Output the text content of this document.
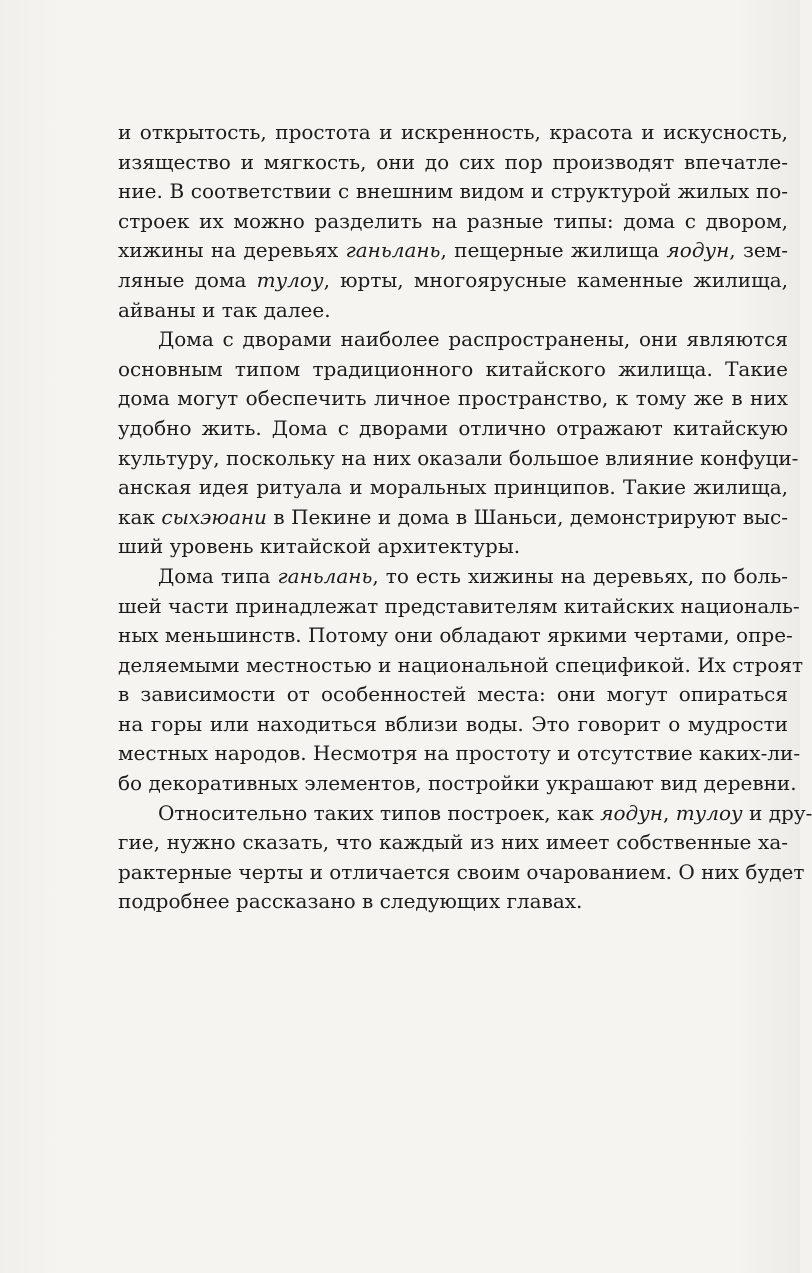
и открытость, простота и искренность, красота и искусность,
изящество и мягкость, они до сих пор производят впечатле-
ние. В соответствии с внешним видом и структурой жилых по-
строек их можно разделить на разные типы: дома с двором,
хижины на деревьях ганьлань, пещерные жилища яодун, зем-
ляные дома тулоу, юрты, многоярусные каменные жилища,
айваны и так далее.
Дома с дворами наиболее распространены, они являются
основным типом традиционного китайского жилища. Такие
дома могут обеспечить личное пространство, к тому же в них
удобно жить. Дома с дворами отлично отражают китайскую
культуру, поскольку на них оказали большое влияние конфуци-
анская идея ритуала и моральных принципов. Такие жилища,
как сыхэюани в Пекине и дома в Шаньси, демонстрируют выс-
ший уровень китайской архитектуры.
Дома типа ганьлань, то есть хижины на деревьях, по боль-
шей части принадлежат представителям китайских националь-
ных меньшинств. Потому они обладают яркими чертами, опре-
деляемыми местностью и национальной спецификой. Их строят
в зависимости от особенностей места: они могут опираться
на горы или находиться вблизи воды. Это говорит о мудрости
местных народов. Несмотря на простоту и отсутствие каких-ли-
бо декоративных элементов, постройки украшают вид деревни.
Относительно таких типов построек, как яодун, тулоу и дру-
гие, нужно сказать, что каждый из них имеет собственные ха-
рактерные черты и отличается своим очарованием. О них будет
подробнее рассказано в следующих главах.
